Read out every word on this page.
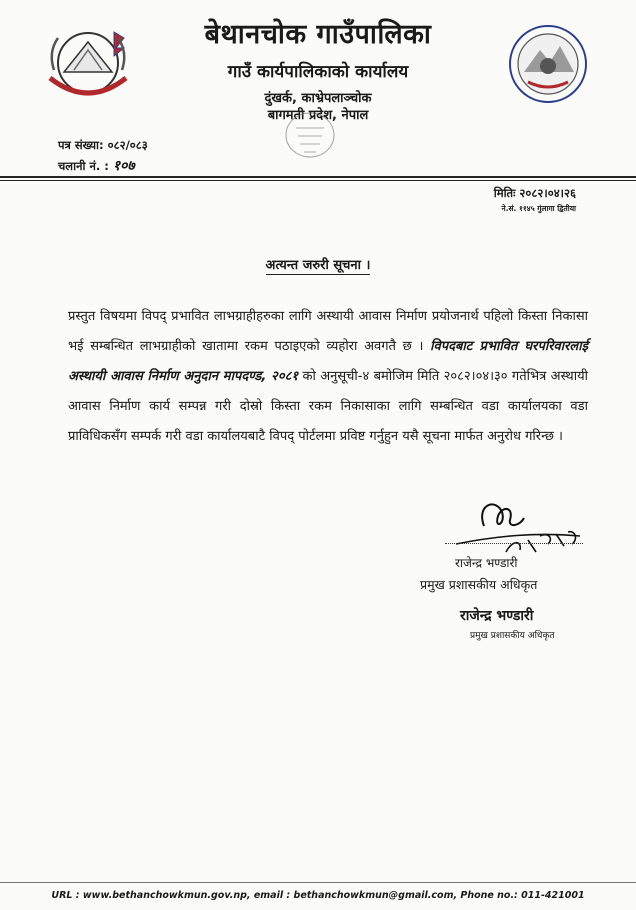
बेथानचोक गाउँपालिका
गाउँ कार्यपालिकाको कार्यालय
दुंखर्क, काभ्रेपलाञ्चोक
बागमती प्रदेश, नेपाल
पत्र संख्या: ०८२/०८३
चलानी नं. : १०७
मितिः २०८२।०४।२६
ने.सं. ११४५ गुंलागा द्वितीया
अत्यन्त जरुरी सूचना ।
प्रस्तुत विषयमा विपद् प्रभावित लाभग्राहीहरुका लागि अस्थायी आवास निर्माण प्रयोजनार्थ पहिलो किस्ता निकासा भई सम्बन्धित लाभग्राहीको खातामा रकम पठाइएको व्यहोरा अवगतै छ । विपदबाट प्रभावित घरपरिवारलाई अस्थायी आवास निर्माण अनुदान मापदण्ड, २०८१ को अनुसूची-४ बमोजिम मिति २०८२।०४।३० गतेभित्र अस्थायी आवास निर्माण कार्य सम्पन्न गरी दोस्रो किस्ता रकम निकासाका लागि सम्बन्धित वडा कार्यालयका वडा प्राविधिकसँग सम्पर्क गरी वडा कार्यालयबाटै विपद् पोर्टलमा प्रविष्ट गर्नुहुन यसै सूचना मार्फत अनुरोध गरिन्छ ।
राजेन्द्र भण्डारी
प्रमुख प्रशासकीय अधिकृत
राजेन्द्र भण्डारी
प्रमुख प्रशासकीय अधिकृत
URL : www.bethanchowkmun.gov.np, email : bethanchowkmun@gmail.com, Phone no.: 011-421001
